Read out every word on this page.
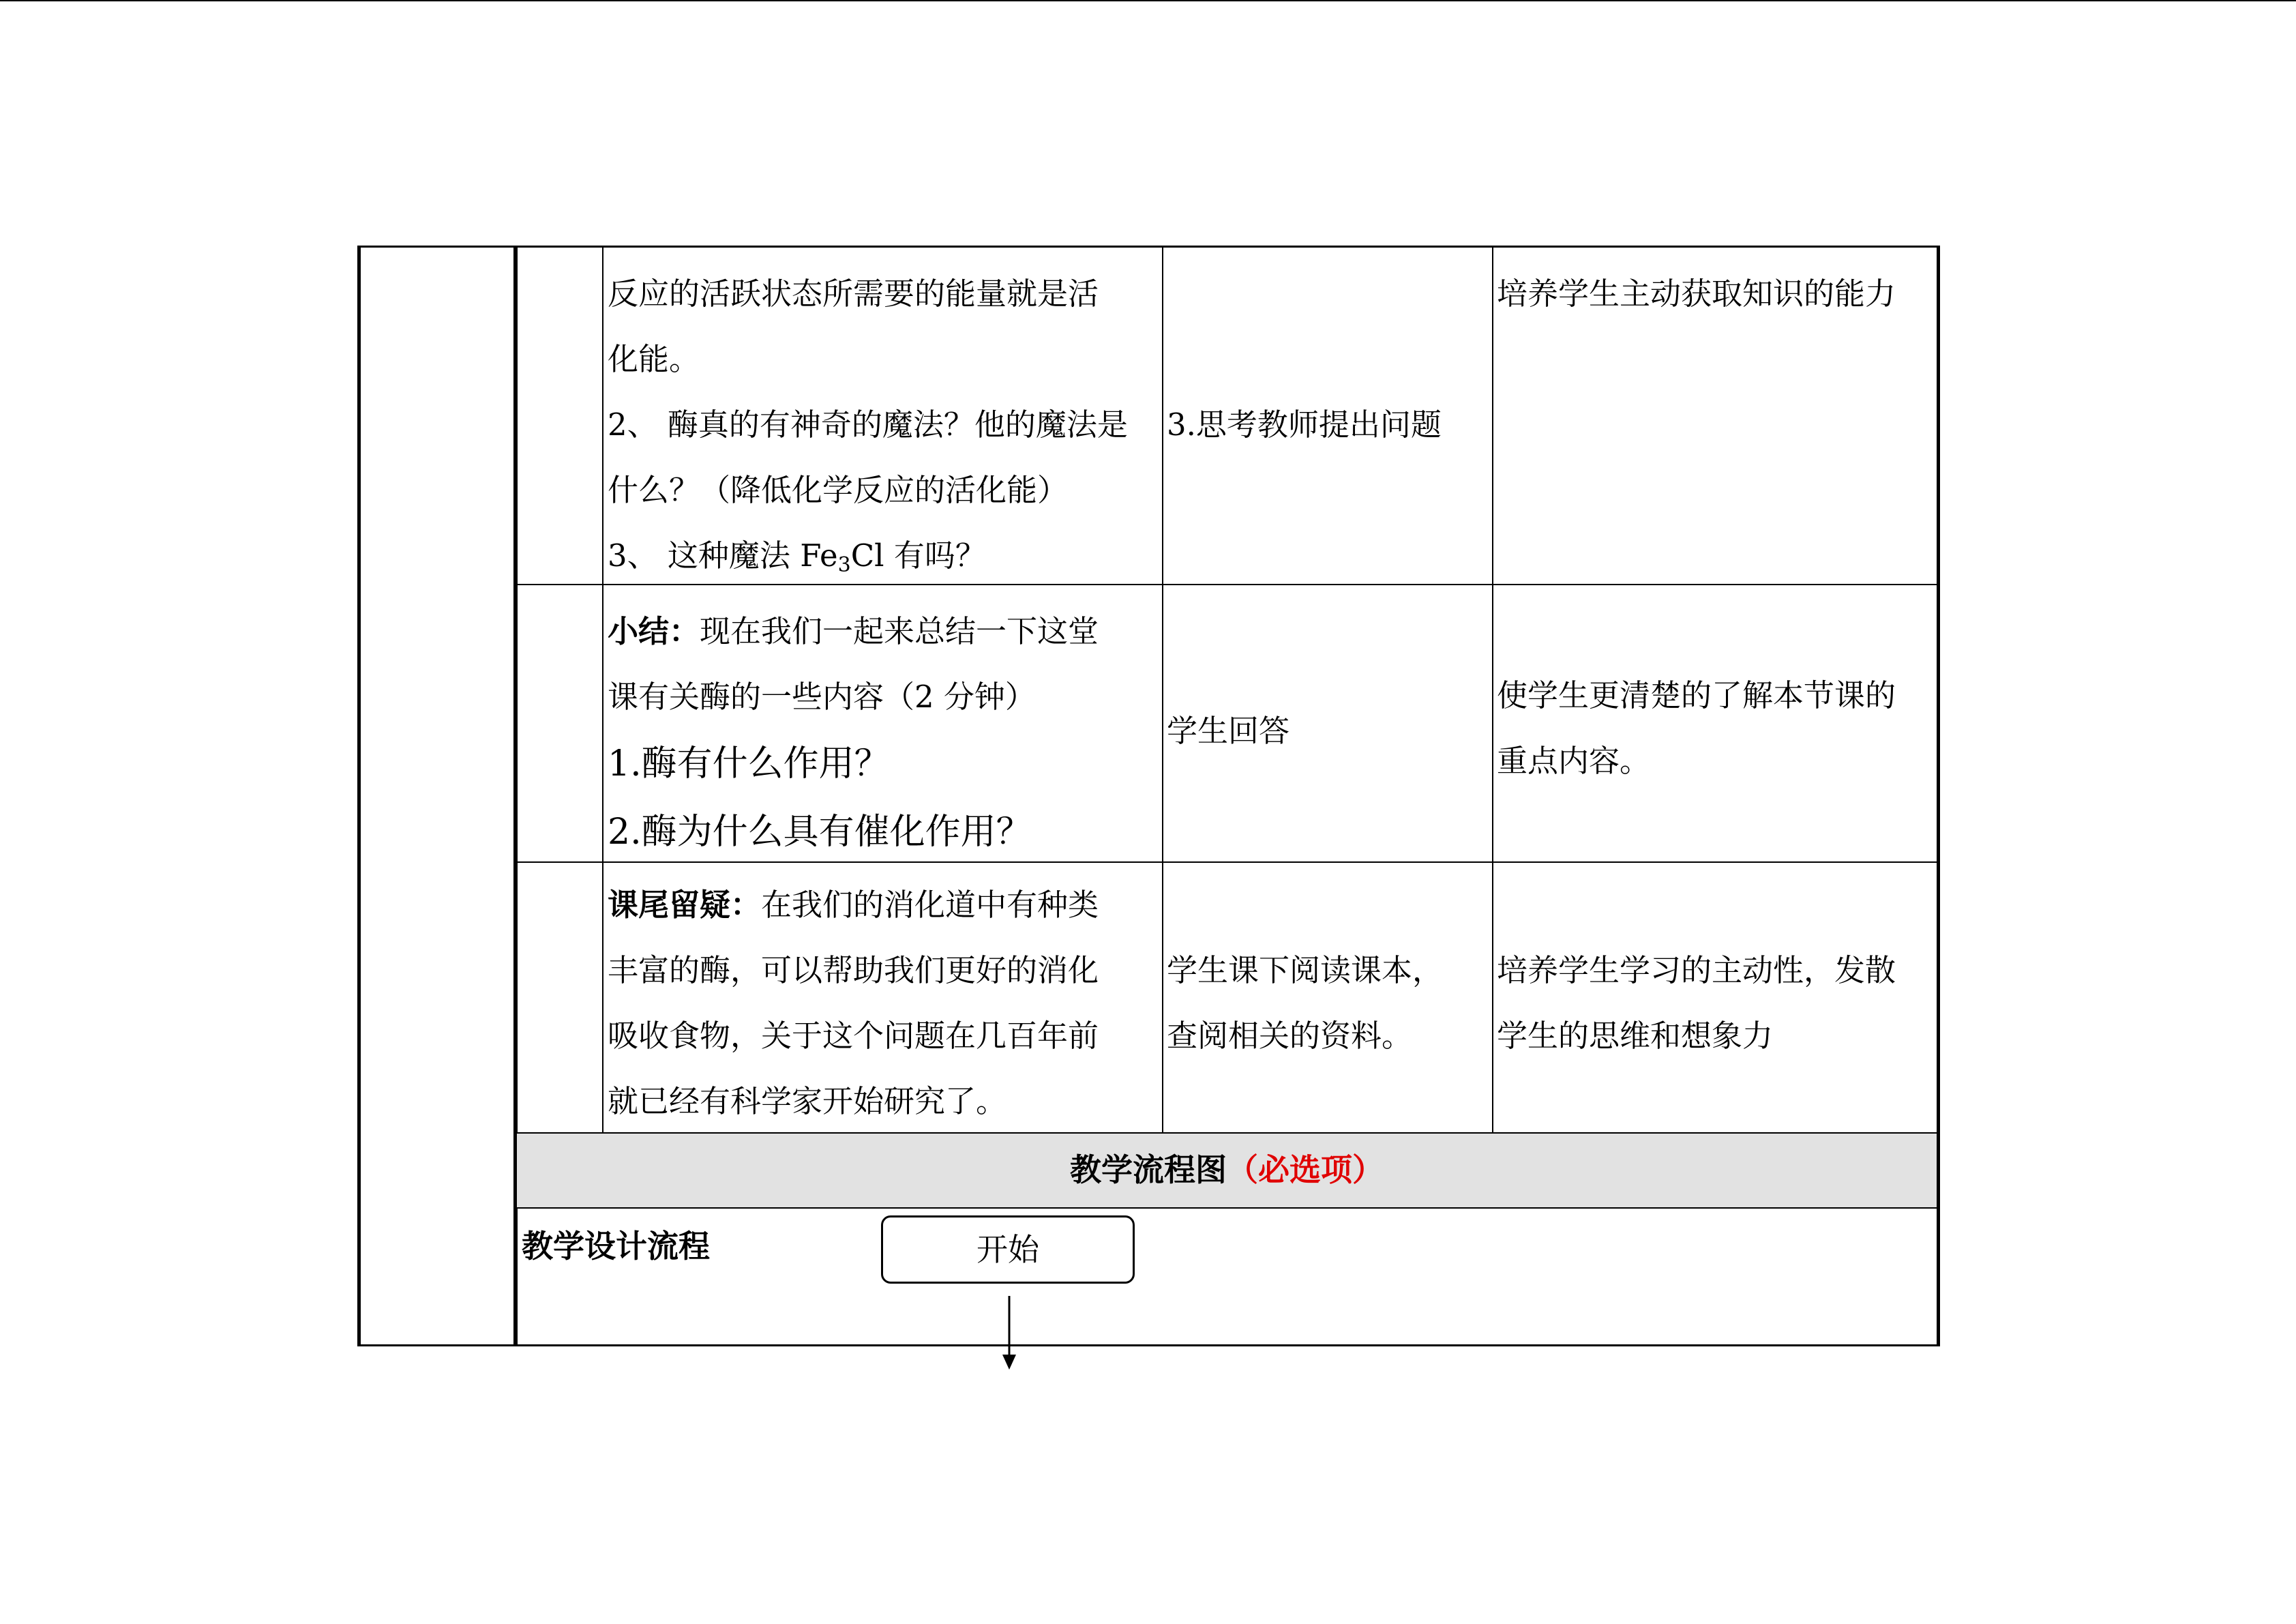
反应的活跃状态所需要的能量就是活
化能。
2、 酶真的有神奇的魔法？他的魔法是
什么？（降低化学反应的活化能）
3、 这种魔法 $Fe_3Cl$ 有吗？
3.思考教师提出问题
培养学生主动获取知识的能力
小结：现在我们一起来总结一下这堂
课有关酶的一些内容（2 分钟）
1.酶有什么作用？
2.酶为什么具有催化作用？
学生回答
使学生更清楚的了解本节课的
重点内容。
课尾留疑：在我们的消化道中有种类
丰富的酶，可以帮助我们更好的消化
吸收食物，关于这个问题在几百年前
就已经有科学家开始研究了。
学生课下阅读课本，
查阅相关的资料。
培养学生学习的主动性，发散
学生的思维和想象力
教学流程图（必选项）
教学设计流程	开始
